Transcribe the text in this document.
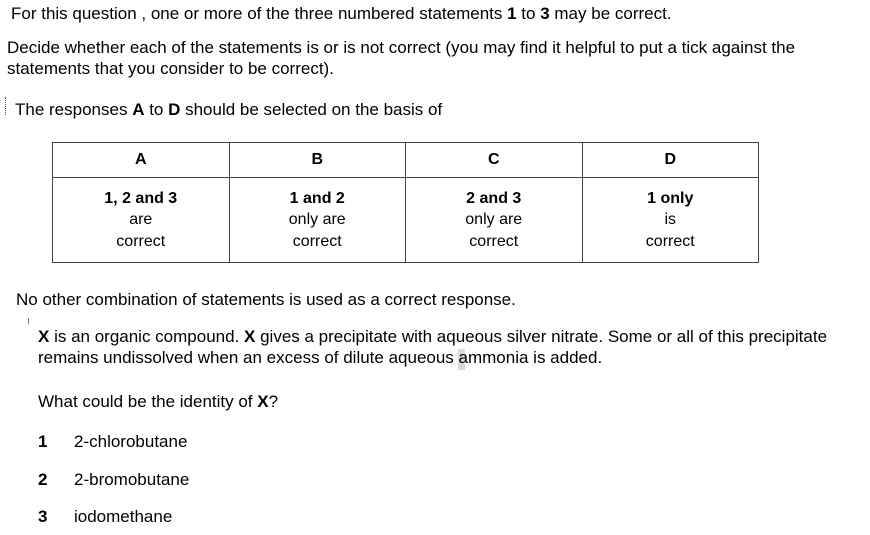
For this question , one or more of the three numbered statements 1 to 3 may be correct.
Decide whether each of the statements is or is not correct (you may find it helpful to put a tick against the statements that you consider to be correct).
The responses A to D should be selected on the basis of
A	B	C	D

1, 2 and 3
are
correct	1 and 2
only are
correct	2 and 3
only are
correct	1 only
is
correct
No other combination of statements is used as a correct response.
X is an organic compound. X gives a precipitate with aqueous silver nitrate. Some or all of this precipitate remains undissolved when an excess of dilute aqueous ammonia is added.
What could be the identity of X?
1 2-chlorobutane
2 2-bromobutane
3 iodomethane
